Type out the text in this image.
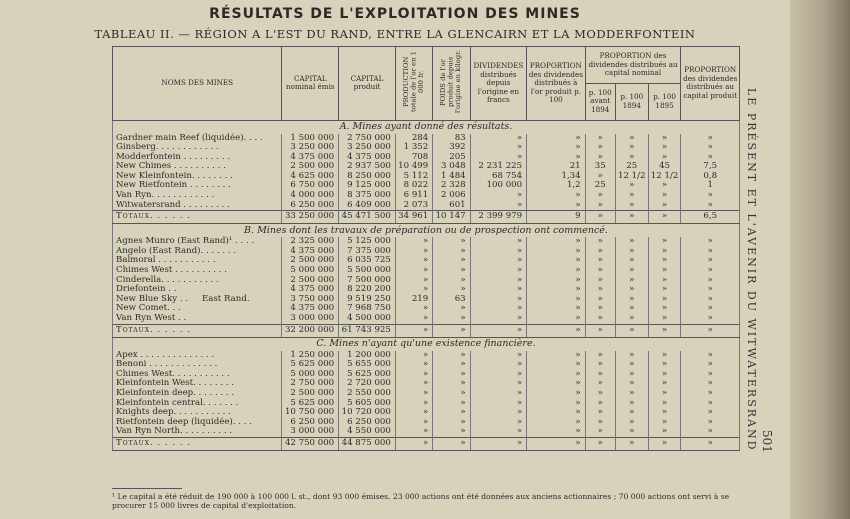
RÉSULTATS DE L'EXPLOITATION DES MINES
TABLEAU II. — RÉGION A L'EST DU RAND, ENTRE LA GLENCAIRN ET LA MODDERFONTEIN
NOMS DES MINES	CAPITAL nominal émis	CAPITAL produit	PRODUCTION totale de l'or en 1 000 fr.	POIDS de l'or produit depuis l'origine en kilogr.	DIVIDENDES distribués depuis l'origine en francs	PROPORTION des dividendes distribués à l'or produit p. 100	PROPORTION des dividendes distribués au capital nominal			PROPORTION des dividendes distribués au capital produit
							p. 100 avant 1894	p. 100 1894	p. 100 1895	
A. Mines ayant donné des résultats.										
Gardner main Reef (liquidée). . . .	1 500 000	2 750 000	284	83	»	»	»	»	»	»
Ginsberg. . . . . . . . . . . .	3 250 000	3 250 000	1 352	392	»	»	»	»	»	»
Modderfontein . . . . . . . . .	4 375 000	4 375 000	708	205	»	»	»	»	»	»
New Chimes . . . . . . . . . .	2 500 000	2 937 500	10 499	3 048	2 231 225	21	35	25	45	7,5
New Kleinfontein. . . . . . . .	4 625 000	8 250 000	5 112	1 484	68 754	1,34	»	12 1/2	12 1/2	0,8
New Rietfontein . . . . . . . .	6 750 000	9 125 000	8 022	2 328	100 000	1,2	25	»	»	1
Van Ryn. . . . . . . . . . . .	4 000 000	8 375 000	6 911	2 006	»	»	»	»	»	»
Witwatersrand . . . . . . . . .	6 250 000	6 409 000	2 073	601	»	»	»	»	»	»
Totaux. . . . . .	33 250 000	45 471 500	34 961	10 147	2 399 979	9	»	»	»	6,5
B. Mines dont les travaux de préparation ou de prospection ont commencé.										
Agnes Munro (East Rand)¹ . . . .	2 325 000	5 125 000	»	»	»	»	»	»	»	»
Angelo (East Rand). . . . . . .	4 375 000	7 375 000	»	»	»	»	»	»	»	»
Balmoral . . . . . . . . . . .	2 500 000	6 035 725	»	»	»	»	»	»	»	»
Chimes West . . . . . . . . . .	5 000 000	5 500 000	»	»	»	»	»	»	»	»
Cinderella. . . . . . . . . . .	2 500 000	7 500 000	»	»	»	»	»	»	»	»
Driefontein . .	4 375 000	8 220 200	»	»	»	»	»	»	»	»
New Blue Sky . . East Rand.	3 750 000	9 519 250	219	63	»	»	»	»	»	»
New Comet. . .	4 375 000	7 968 750	»	»	»	»	»	»	»	»
Van Ryn West . .	3 000 000	4 500 000	»	»	»	»	»	»	»	»
Totaux. . . . . .	32 200 000	61 743 925	»	»	»	»	»	»	»	»
C. Mines n'ayant qu'une existence financière.										
Apex . . . . . . . . . . . . . .	1 250 000	1 200 000	»	»	»	»	»	»	»	»
Benoni . . . . . . . . . . . . .	5 625 000	5 655 000	»	»	»	»	»	»	»	»
Chimes West. . . . . . . . . . .	5 000 000	5 625 000	»	»	»	»	»	»	»	»
Kleinfontein West. . . . . . . .	2 750 000	2 720 000	»	»	»	»	»	»	»	»
Kleinfontein deep. . . . . . . .	2 500 000	2 550 000	»	»	»	»	»	»	»	»
Kleinfontein central. . . . . . .	5 625 000	5 605 000	»	»	»	»	»	»	»	»
Knights deep. . . . . . . . . . .	10 750 000	10 720 000	»	»	»	»	»	»	»	»
Rietfontein deep (liquidée). . . .	6 250 000	6 250 000	»	»	»	»	»	»	»	»
Van Ryn North. . . . . . . . . .	3 000 000	4 550 000	»	»	»	»	»	»	»	»
Totaux. . . . . .	42 750 000	44 875 000	»	»	»	»	»	»	»	»
¹ Le capital a été réduit de 190 000 à 100 000 l. st., dont 93 000 émises. 23 000 actions ont été données aux anciens actionnaires ; 70 000 actions ont servi à se procurer 15 000 livres de capital d'exploitation.
LE PRÉSENT ET L'AVENIR DU WITWATERSRAND 501
